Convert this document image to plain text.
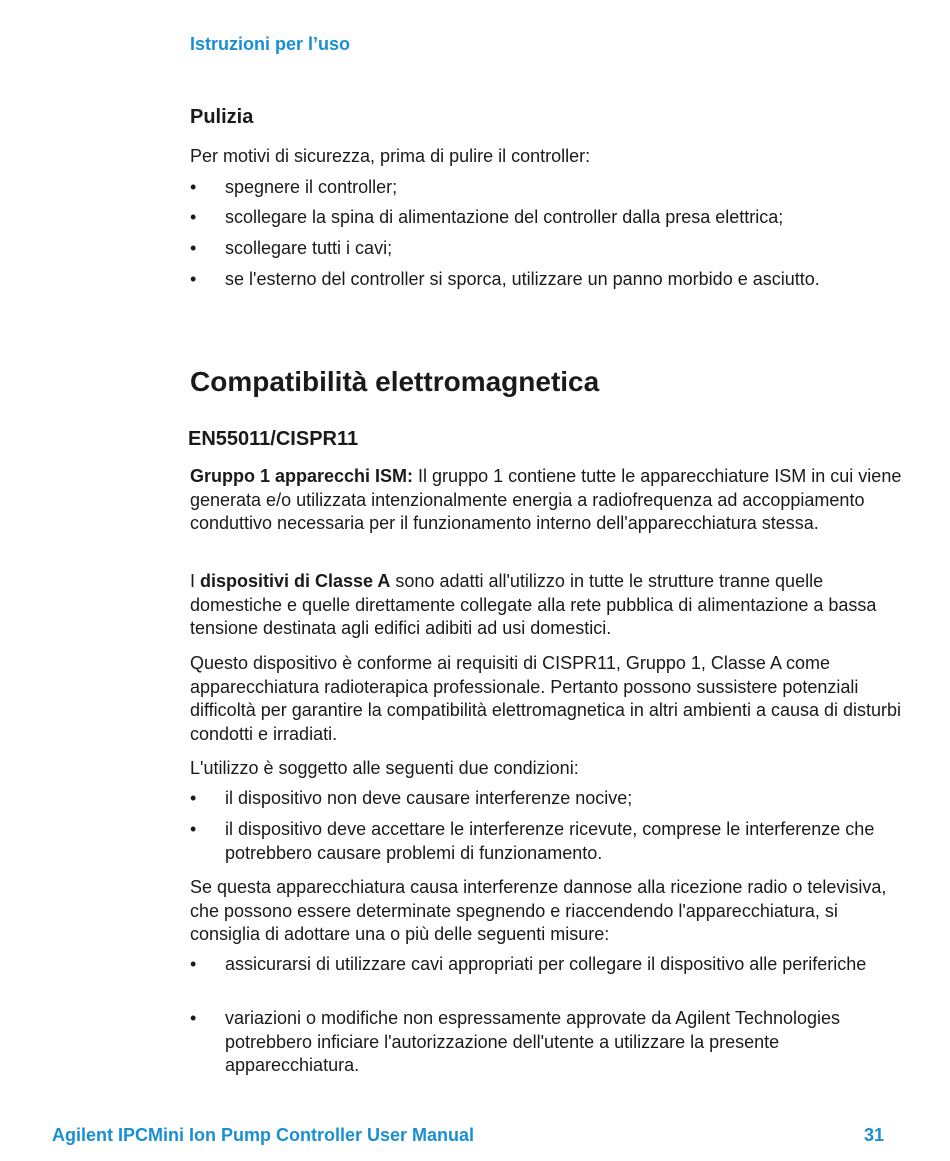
Istruzioni per l’uso
Pulizia

Per motivi di sicurezza, prima di pulire il controller:

• spegnere il controller;
• scollegare la spina di alimentazione del controller dalla presa elettrica;
• scollegare tutti i cavi;
• se l'esterno del controller si sporca, utilizzare un panno morbido e asciutto.
Compatibilità elettromagnetica
EN55011/CISPR11

Gruppo 1 apparecchi ISM: Il gruppo 1 contiene tutte le apparecchiature ISM in cui viene generata e/o utilizzata intenzionalmente energia a radiofrequenza ad accoppiamento conduttivo necessaria per il funzionamento interno dell'apparecchiatura stessa.

I dispositivi di Classe A sono adatti all'utilizzo in tutte le strutture tranne quelle domestiche e quelle direttamente collegate alla rete pubblica di alimentazione a bassa tensione destinata agli edifici adibiti ad usi domestici.

Questo dispositivo è conforme ai requisiti di CISPR11, Gruppo 1, Classe A come apparecchiatura radioterapica professionale. Pertanto possono sussistere potenziali difficoltà per garantire la compatibilità elettromagnetica in altri ambienti a causa di disturbi condotti e irradiati.

L'utilizzo è soggetto alle seguenti due condizioni:

• il dispositivo non deve causare interferenze nocive;
• il dispositivo deve accettare le interferenze ricevute, comprese le interferenze che potrebbero causare problemi di funzionamento.

Se questa apparecchiatura causa interferenze dannose alla ricezione radio o televisiva, che possono essere determinate spegnendo e riaccendendo l'apparecchiatura, si consiglia di adottare una o più delle seguenti misure:

• assicurarsi di utilizzare cavi appropriati per collegare il dispositivo alle periferiche
• variazioni o modifiche non espressamente approvate da Agilent Technologies potrebbero inficiare l'autorizzazione dell'utente a utilizzare la presente apparecchiatura.
Agilent IPCMini Ion Pump Controller User Manual	31
